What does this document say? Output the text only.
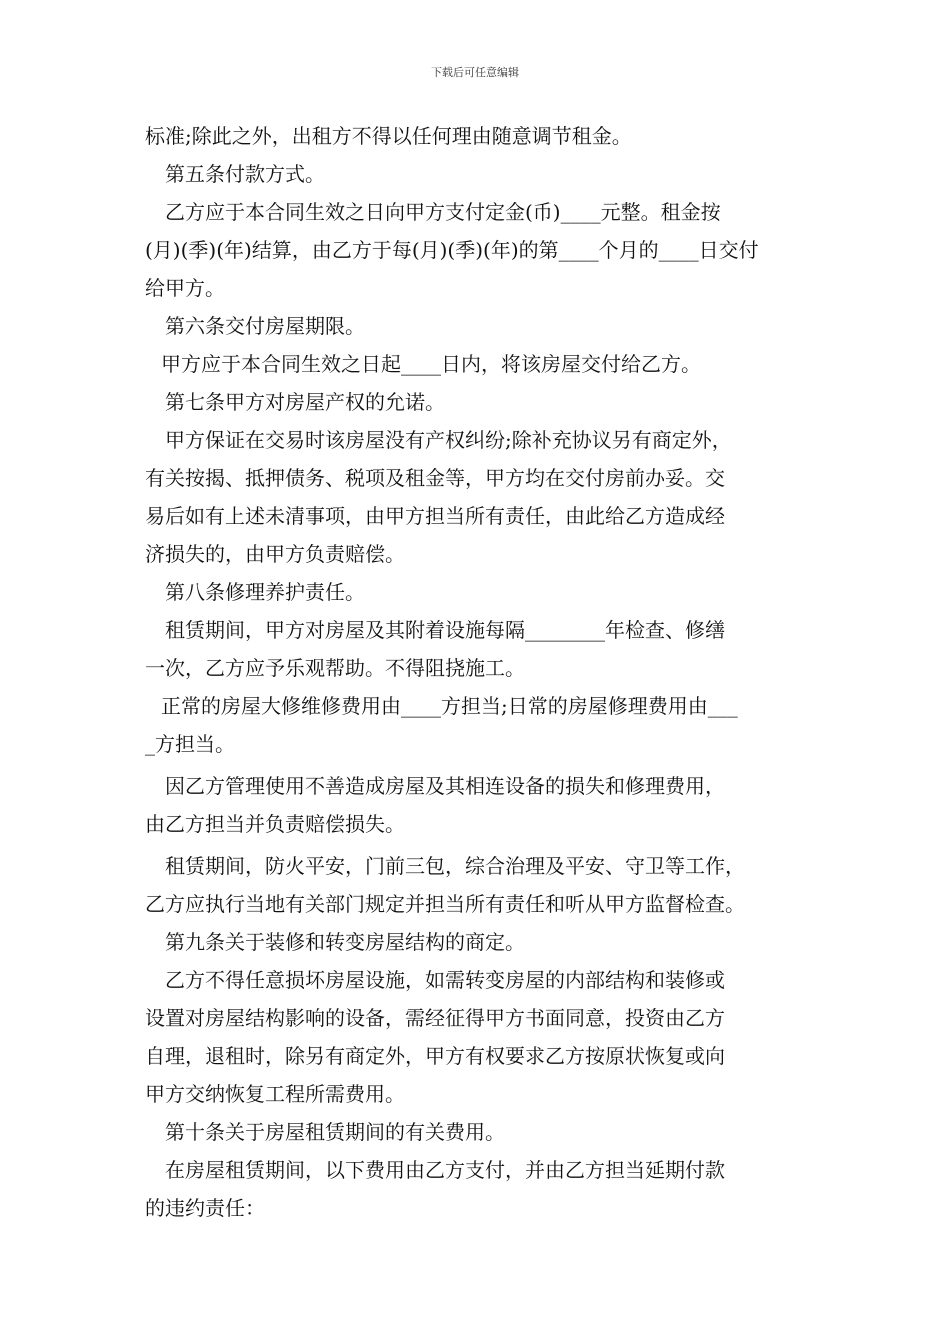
下载后可任意编辑
标准;除此之外，出租方不得以任何理由随意调节租金。
第五条付款方式。
乙方应于本合同生效之日向甲方支付定金(币)____元整。租金按
(月)(季)(年)结算，由乙方于每(月)(季)(年)的第____个月的____日交付
给甲方。
第六条交付房屋期限。
甲方应于本合同生效之日起____日内，将该房屋交付给乙方。
第七条甲方对房屋产权的允诺。
甲方保证在交易时该房屋没有产权纠纷;除补充协议另有商定外，
有关按揭、抵押债务、税项及租金等，甲方均在交付房前办妥。交
易后如有上述未清事项，由甲方担当所有责任，由此给乙方造成经
济损失的，由甲方负责赔偿。
第八条修理养护责任。
租赁期间，甲方对房屋及其附着设施每隔________年检查、修缮
一次，乙方应予乐观帮助。不得阻挠施工。
正常的房屋大修维修费用由____方担当;日常的房屋修理费用由___
_方担当。
因乙方管理使用不善造成房屋及其相连设备的损失和修理费用，
由乙方担当并负责赔偿损失。
租赁期间，防火平安，门前三包，综合治理及平安、守卫等工作，
乙方应执行当地有关部门规定并担当所有责任和听从甲方监督检查。
第九条关于装修和转变房屋结构的商定。
乙方不得任意损坏房屋设施，如需转变房屋的内部结构和装修或
设置对房屋结构影响的设备，需经征得甲方书面同意，投资由乙方
自理，退租时，除另有商定外，甲方有权要求乙方按原状恢复或向
甲方交纳恢复工程所需费用。
第十条关于房屋租赁期间的有关费用。
在房屋租赁期间，以下费用由乙方支付，并由乙方担当延期付款
的违约责任：
